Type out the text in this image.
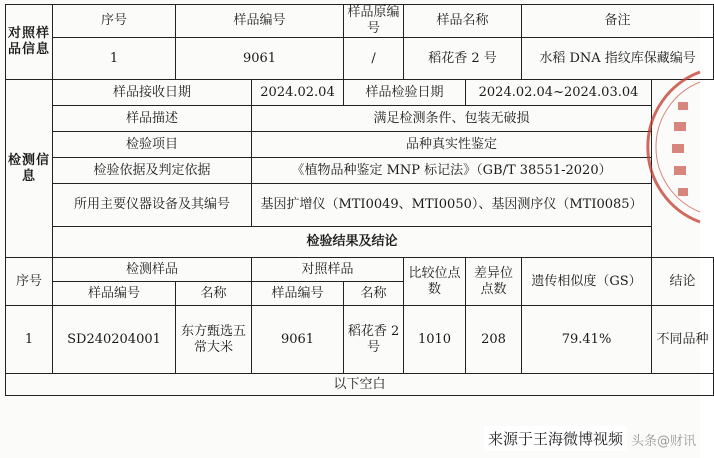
对照样品信息	序号	样品编号		样品原编号	样品名称		备注	
	1	9061		/	稻花香 2 号		水稻 DNA 指纹库保藏编号	
检测信息	样品接收日期		2024.02.04	样品检验日期		2024.02.04~2024.03.04		
	样品描述		满足检测条件、包装无破损					
	检验项目		品种真实性鉴定					
	检验依据及判定依据		《植物品种鉴定 MNP 标记法》（GB/T 38551-2020）					
	所用主要仪器设备及其编号		基因扩增仪（MTI0049、MTI0050）、基因测序仪（MTI0085）					
	检验结果及结论							
序号	检测样品		对照样品		比较位点数	差异位点数	遗传相似度（GS）	结论
	样品编号	名称	样品编号	名称				
1	SD240204001	东方甄选五常大米	9061	稻花香 2 号	1010	208	79.41%	不同品种
以下空白								
来源于王海微博视频 头条@财讯
